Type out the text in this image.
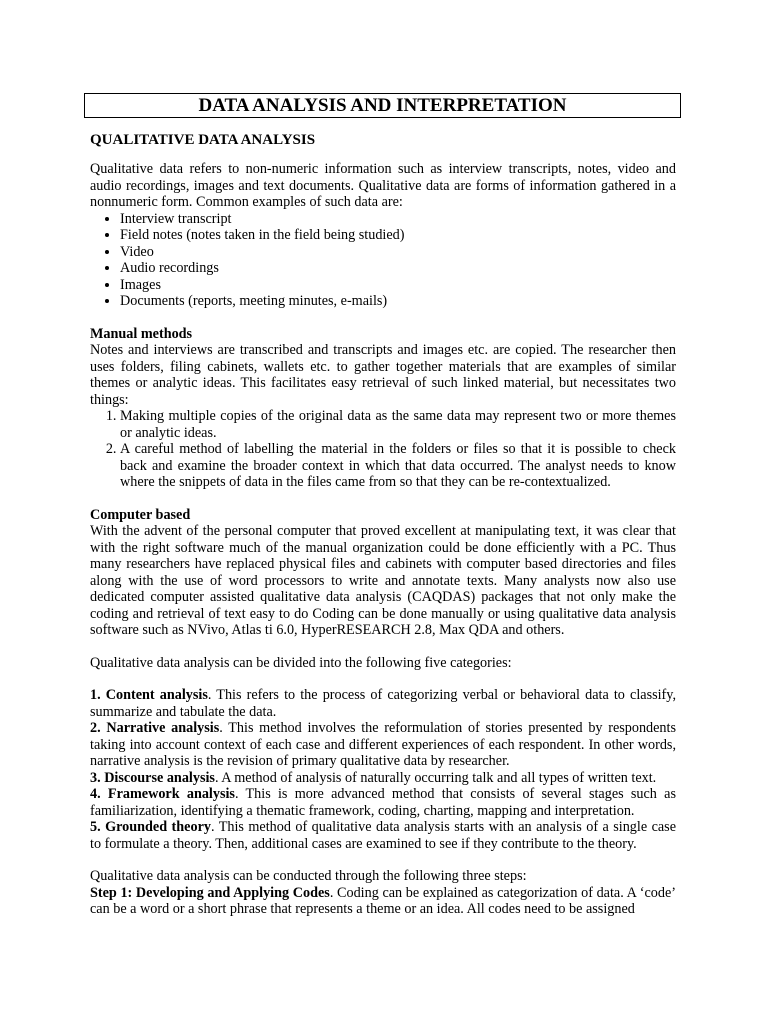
DATA ANALYSIS AND INTERPRETATION
QUALITATIVE DATA ANALYSIS

Qualitative data refers to non-numeric information such as interview transcripts, notes, video and audio recordings, images and text documents. Qualitative data are forms of information gathered in a nonnumeric form. Common examples of such data are:

• Interview transcript
• Field notes (notes taken in the field being studied)
• Video
• Audio recordings
• Images
• Documents (reports, meeting minutes, e-mails)

Manual methods

Notes and interviews are transcribed and transcripts and images etc. are copied. The researcher then uses folders, filing cabinets, wallets etc. to gather together materials that are examples of similar themes or analytic ideas. This facilitates easy retrieval of such linked material, but necessitates two things:

1. Making multiple copies of the original data as the same data may represent two or more themes or analytic ideas.
2. A careful method of labelling the material in the folders or files so that it is possible to check back and examine the broader context in which that data occurred. The analyst needs to know where the snippets of data in the files came from so that they can be re-contextualized.

Computer based

With the advent of the personal computer that proved excellent at manipulating text, it was clear that with the right software much of the manual organization could be done efficiently with a PC. Thus many researchers have replaced physical files and cabinets with computer based directories and files along with the use of word processors to write and annotate texts. Many analysts now also use dedicated computer assisted qualitative data analysis (CAQDAS) packages that not only make the coding and retrieval of text easy to do Coding can be done manually or using qualitative data analysis software such as NVivo, Atlas ti 6.0, HyperRESEARCH 2.8, Max QDA and others.

Qualitative data analysis can be divided into the following five categories:

1. Content analysis. This refers to the process of categorizing verbal or behavioral data to classify, summarize and tabulate the data.

2. Narrative analysis. This method involves the reformulation of stories presented by respondents taking into account context of each case and different experiences of each respondent. In other words, narrative analysis is the revision of primary qualitative data by researcher.

3. Discourse analysis. A method of analysis of naturally occurring talk and all types of written text.

4. Framework analysis. This is more advanced method that consists of several stages such as familiarization, identifying a thematic framework, coding, charting, mapping and interpretation.

5. Grounded theory. This method of qualitative data analysis starts with an analysis of a single case to formulate a theory. Then, additional cases are examined to see if they contribute to the theory.

Qualitative data analysis can be conducted through the following three steps:

Step 1: Developing and Applying Codes. Coding can be explained as categorization of data. A ‘code’ can be a word or a short phrase that represents a theme or an idea. All codes need to be assigned
